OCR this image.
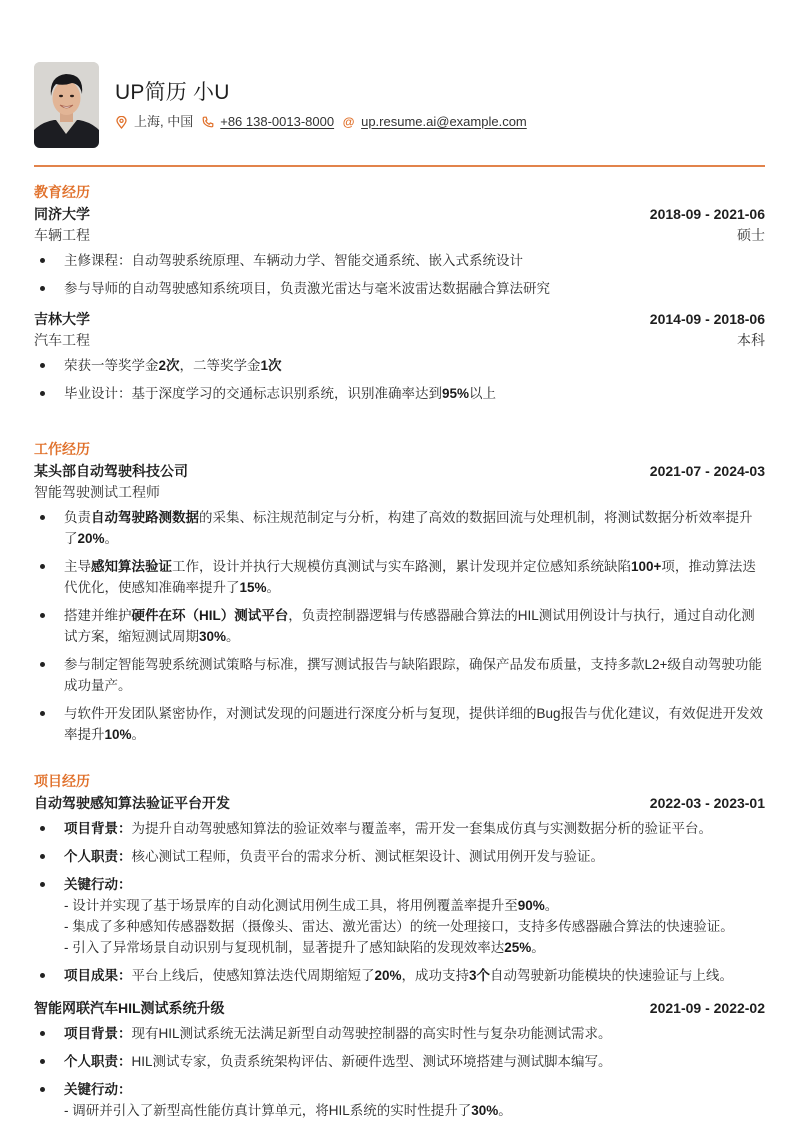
UP简历 小U
上海, 中国 +86 138-0013-8000 @ up.resume.ai@example.com
教育经历
同济大学	2018-09 - 2021-06
车辆工程	硕士
主修课程：自动驾驶系统原理、车辆动力学、智能交通系统、嵌入式系统设计
参与导师的自动驾驶感知系统项目，负责激光雷达与毫米波雷达数据融合算法研究
吉林大学	2014-09 - 2018-06
汽车工程	本科
荣获一等奖学金2次，二等奖学金1次
毕业设计：基于深度学习的交通标志识别系统，识别准确率达到95%以上
工作经历
某头部自动驾驶科技公司	2021-07 - 2024-03
智能驾驶测试工程师
负责自动驾驶路测数据的采集、标注规范制定与分析，构建了高效的数据回流与处理机制，将测试数据分析效率提升了20%。
主导感知算法验证工作，设计并执行大规模仿真测试与实车路测，累计发现并定位感知系统缺陷100+项，推动算法迭代优化，使感知准确率提升了15%。
搭建并维护硬件在环（HIL）测试平台，负责控制器逻辑与传感器融合算法的HIL测试用例设计与执行，通过自动化测试方案，缩短测试周期30%。
参与制定智能驾驶系统测试策略与标准，撰写测试报告与缺陷跟踪，确保产品发布质量，支持多款L2+级自动驾驶功能成功量产。
与软件开发团队紧密协作，对测试发现的问题进行深度分析与复现，提供详细的Bug报告与优化建议，有效促进开发效率提升10%。
项目经历
自动驾驶感知算法验证平台开发	2022-03 - 2023-01
项目背景：为提升自动驾驶感知算法的验证效率与覆盖率，需开发一套集成仿真与实测数据分析的验证平台。
个人职责：核心测试工程师，负责平台的需求分析、测试框架设计、测试用例开发与验证。
关键行动：
- 设计并实现了基于场景库的自动化测试用例生成工具，将用例覆盖率提升至90%。
- 集成了多种感知传感器数据（摄像头、雷达、激光雷达）的统一处理接口，支持多传感器融合算法的快速验证。
- 引入了异常场景自动识别与复现机制，显著提升了感知缺陷的发现效率达25%。
项目成果：平台上线后，使感知算法迭代周期缩短了20%，成功支持3个自动驾驶新功能模块的快速验证与上线。
智能网联汽车HIL测试系统升级	2021-09 - 2022-02
项目背景：现有HIL测试系统无法满足新型自动驾驶控制器的高实时性与复杂功能测试需求。
个人职责：HIL测试专家，负责系统架构评估、新硬件选型、测试环境搭建与测试脚本编写。
关键行动：
- 调研并引入了新型高性能仿真计算单元，将HIL系统的实时性提升了30%。
